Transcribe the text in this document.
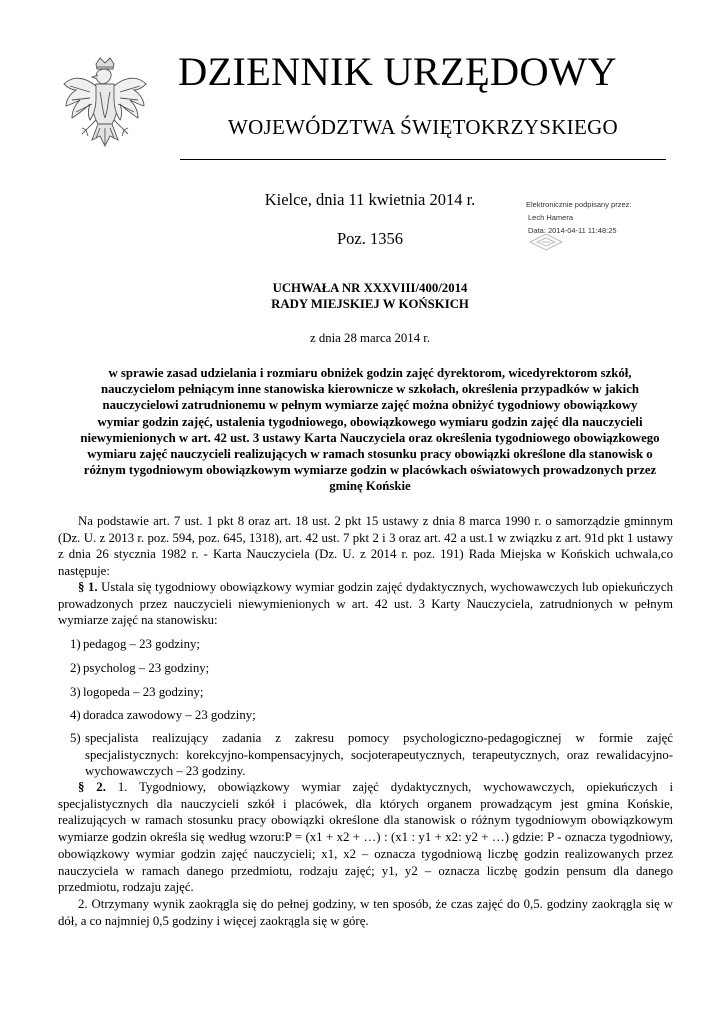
DZIENNIK URZĘDOWY
WOJEWÓDZTWA ŚWIĘTOKRZYSKIEGO
Kielce, dnia 11 kwietnia 2014 r.
Poz. 1356
Elektronicznie podpisany przez:
Lech Hamera
Data: 2014-04-11 11:48:25
UCHWAŁA NR XXXVIII/400/2014
RADY MIEJSKIEJ W KOŃSKICH
z dnia 28 marca 2014 r.
w sprawie zasad udzielania i rozmiaru obniżek godzin zajęć dyrektorom, wicedyrektorom szkół, nauczycielom pełniącym inne stanowiska kierownicze w szkołach, określenia przypadków w jakich nauczycielowi zatrudnionemu w pełnym wymiarze zajęć można obniżyć tygodniowy obowiązkowy wymiar godzin zajęć, ustalenia tygodniowego, obowiązkowego wymiaru godzin zajęć dla nauczycieli niewymienionych w art. 42 ust. 3 ustawy Karta Nauczyciela oraz określenia tygodniowego obowiązkowego wymiaru zajęć nauczycieli realizujących w ramach stosunku pracy obowiązki określone dla stanowisk o różnym tygodniowym obowiązkowym wymiarze godzin w placówkach oświatowych prowadzonych przez gminę Końskie

Na podstawie art. 7 ust. 1 pkt 8 oraz art. 18 ust. 2 pkt 15 ustawy z dnia 8 marca 1990 r. o samorządzie gminnym (Dz. U. z 2013 r. poz. 594, poz. 645, 1318), art. 42 ust. 7 pkt 2 i 3 oraz art. 42 a ust.1 w związku z art. 91d pkt 1 ustawy z dnia 26 stycznia 1982 r. - Karta Nauczyciela (Dz. U. z 2014 r. poz. 191) Rada Miejska w Końskich uchwala,co następuje:

§ 1. Ustala się tygodniowy obowiązkowy wymiar godzin zajęć dydaktycznych, wychowawczych lub opiekuńczych prowadzonych przez nauczycieli niewymienionych w art. 42 ust. 3 Karty Nauczyciela, zatrudnionych w pełnym wymiarze zajęć na stanowisku:

1) pedagog – 23 godziny;
2) psycholog – 23 godziny;
3) logopeda – 23 godziny;
4) doradca zawodowy – 23 godziny;
5) specjalista realizujący zadania z zakresu pomocy psychologiczno-pedagogicznej w formie zajęć specjalistycznych: korekcyjno-kompensacyjnych, socjoterapeutycznych, terapeutycznych, oraz rewalidacyjno-wychowawczych – 23 godziny.

§ 2. 1. Tygodniowy, obowiązkowy wymiar zajęć dydaktycznych, wychowawczych, opiekuńczych i specjalistycznych dla nauczycieli szkół i placówek, dla których organem prowadzącym jest gmina Końskie, realizujących w ramach stosunku pracy obowiązki określone dla stanowisk o różnym tygodniowym obowiązkowym wymiarze godzin określa się według wzoru:P = (x1 + x2 + …) : (x1 : y1 + x2: y2 + …) gdzie: P - oznacza tygodniowy, obowiązkowy wymiar godzin zajęć nauczycieli; x1, x2 – oznacza tygodniową liczbę godzin realizowanych przez nauczyciela w ramach danego przedmiotu, rodzaju zajęć; y1, y2 – oznacza liczbę godzin pensum dla danego przedmiotu, rodzaju zajęć.

2. Otrzymany wynik zaokrągla się do pełnej godziny, w ten sposób, że czas zajęć do 0,5. godziny zaokrągla się w dół, a co najmniej 0,5 godziny i więcej zaokrągla się w górę.
